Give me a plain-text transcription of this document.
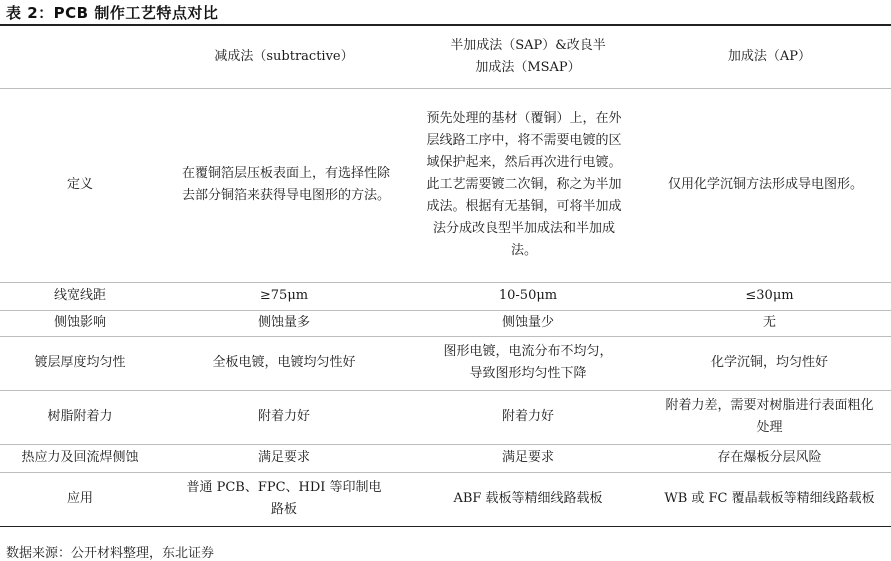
表 2：PCB 制作工艺特点对比
	减成法（subtractive）	半加成法（SAP）&改良半加成法（MSAP）	加成法（AP）
定义	在覆铜箔层压板表面上，有选择性除去部分铜箔来获得导电图形的方法。	预先处理的基材（覆铜）上，在外层线路工序中，将不需要电镀的区域保护起来，然后再次进行电镀。此工艺需要镀二次铜，称之为半加成法。根据有无基铜，可将半加成法分成改良型半加成法和半加成法。	仅用化学沉铜方法形成导电图形。
线宽线距	≥75μm	10-50μm	≤30μm
侧蚀影响	侧蚀量多	侧蚀量少	无
镀层厚度均匀性	全板电镀，电镀均匀性好	图形电镀，电流分布不均匀，导致图形均匀性下降	化学沉铜，均匀性好
树脂附着力	附着力好	附着力好	附着力差，需要对树脂进行表面粗化处理
热应力及回流焊侧蚀	满足要求	满足要求	存在爆板分层风险
应用	普通 PCB、FPC、HDI 等印制电路板	ABF 载板等精细线路载板	WB 或 FC 覆晶载板等精细线路载板
数据来源：公开材料整理，东北证券
